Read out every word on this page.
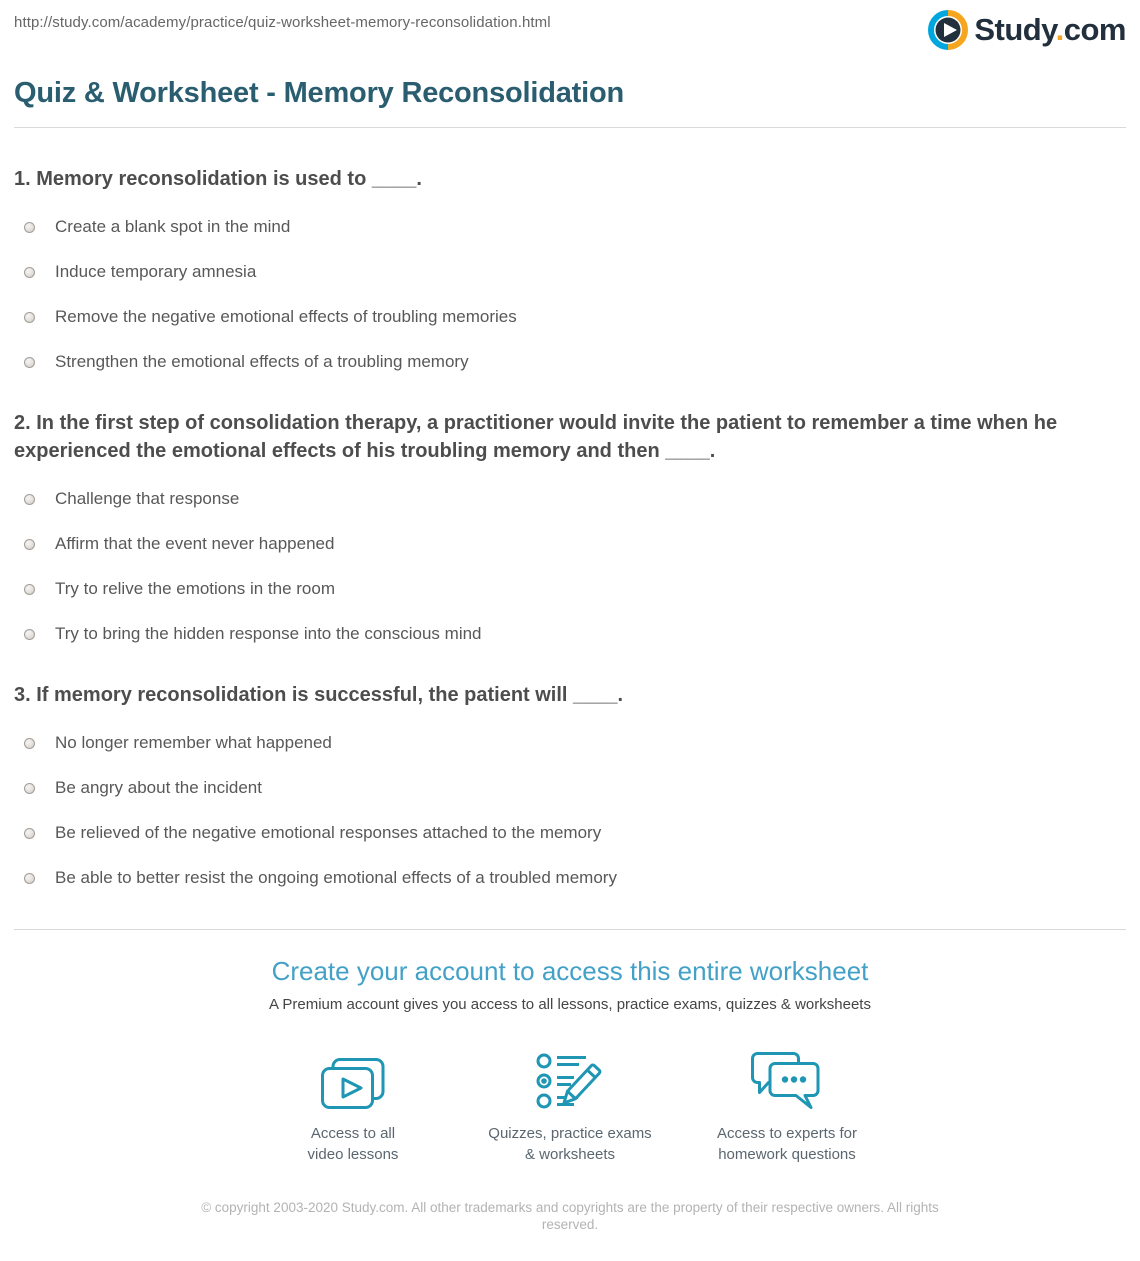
http://study.com/academy/practice/quiz-worksheet-memory-reconsolidation.html	Study.com
Quiz & Worksheet - Memory Reconsolidation
1. Memory reconsolidation is used to ____.
Create a blank spot in the mind
Induce temporary amnesia
Remove the negative emotional effects of troubling memories
Strengthen the emotional effects of a troubling memory
2. In the first step of consolidation therapy, a practitioner would invite the patient to remember a time when he experienced the emotional effects of his troubling memory and then ____.
Challenge that response
Affirm that the event never happened
Try to relive the emotions in the room
Try to bring the hidden response into the conscious mind
3. If memory reconsolidation is successful, the patient will ____.
No longer remember what happened
Be angry about the incident
Be relieved of the negative emotional responses attached to the memory
Be able to better resist the ongoing emotional effects of a troubled memory
Create your account to access this entire worksheet
A Premium account gives you access to all lessons, practice exams, quizzes & worksheets
Access to all
video lessons
Quizzes, practice exams
& worksheets
Access to experts for
homework questions
© copyright 2003-2020 Study.com. All other trademarks and copyrights are the property of their respective owners. All rights reserved.
